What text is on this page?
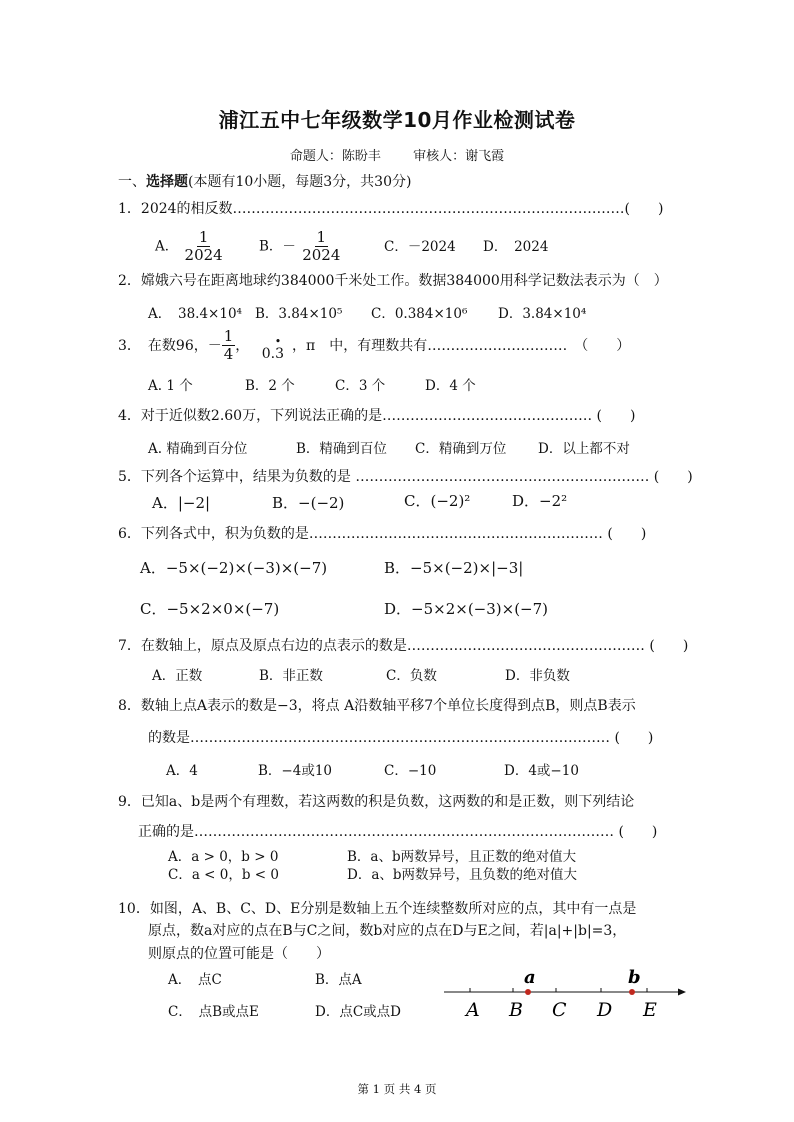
浦江五中七年级数学10月作业检测试卷
命题人：陈盼丰 审核人：谢飞霞
一、选择题(本题有10小题，每题3分，共30分)
1．2024的相反数…………………………………………………………………………(　　)
A． $\frac{1}{2024}$	B．－ $\frac{1}{2024}$	C．－2024 D．　2024
2．嫦娥六号在距离地球约384000千米处工作。数据384000用科学记数法表示为（　）
A．　38.4×10⁴ B．3.84×10⁵ C．0.384×10⁶ D．3.84×10⁴
3．　在数96，－ $\frac{1}{4}$ ， •
0.3 ，π　中，有理数共有…………………………　（　　）
A. 1 个	B．2 个	C．3 个	D．4 个
4．对于近似数2.60万，下列说法正确的是……………………………………… (　　)
A. 精确到百分位	B．精确到百位 C．精确到万位 D．以上都不对
5．下列各个运算中，结果为负数的是 ……………………………………………………… (　　)
A．|−2|	B．−(−2)	C．(−2)²	D．−2²
6．下列各式中，积为负数的是……………………………………………………… (　　)
A．−5×(−2)×(−3)×(−7)	B．−5×(−2)×|−3|
C．−5×2×0×(−7)	D．−5×2×(−3)×(−7)
7．在数轴上，原点及原点右边的点表示的数是…………………………………………… (　　)
A．正数	B．非正数	C．负数	D．非负数
8．数轴上点A表示的数是−3，将点 A沿数轴平移7个单位长度得到点B，则点B表示
的数是……………………………………………………………………………… (　　)
A．4	B．−4或10	C．−10	D．4或−10
9．已知a、b是两个有理数，若这两数的积是负数，这两数的和是正数，则下列结论
正确的是……………………………………………………………………………… (　　)
A．a > 0，b > 0	B．a、b两数异号，且正数的绝对值大
C．a < 0，b < 0	D．a、b两数异号，且负数的绝对值大
10．如图，A、B、C、D、E分别是数轴上五个连续整数所对应的点，其中有一点是
原点，数a对应的点在B与C之间，数b对应的点在D与E之间，若|a|+|b|=3，
则原点的位置可能是（　　）
A．　点C	B．点A
C．　点B或点E	D．点C或点D
a	b
A B C D E
第 1 页 共 4 页
